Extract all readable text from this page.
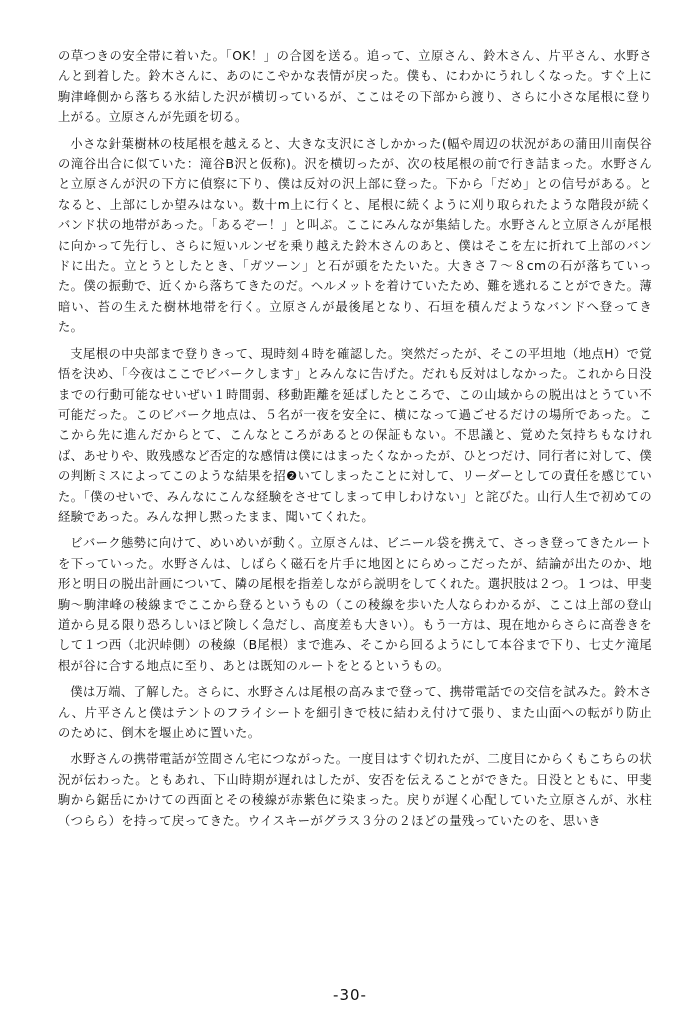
の草つきの安全帯に着いた。「OK！」の合図を送る。追って、立原さん、鈴木さん、片平さん、水野さんと到着した。鈴木さんに、あのにこやかな表情が戻った。僕も、にわかにうれしくなった。すぐ上に駒津峰側から落ちる氷結した沢が横切っているが、ここはその下部から渡り、さらに小さな尾根に登り上がる。立原さんが先頭を切る。

小さな針葉樹林の枝尾根を越えると、大きな支沢にさしかかった(幅や周辺の状況があの蒲田川南俣谷の滝谷出合に似ていた：滝谷B沢と仮称)。沢を横切ったが、次の枝尾根の前で行き詰まった。水野さんと立原さんが沢の下方に偵察に下り、僕は反対の沢上部に登った。下から「だめ」との信号がある。となると、上部にしか望みはない。数十m上に行くと、尾根に続くように刈り取られたような階段が続くバンド状の地帯があった。「あるぞー！」と叫ぶ。ここにみんなが集結した。水野さんと立原さんが尾根に向かって先行し、さらに短いルンゼを乗り越えた鈴木さんのあと、僕はそこを左に折れて上部のバンドに出た。立とうとしたとき、「ガツーン」と石が頭をたたいた。大きさ７～８cmの石が落ちていった。僕の振動で、近くから落ちてきたのだ。ヘルメットを着けていたため、難を逃れることができた。薄暗い、苔の生えた樹林地帯を行く。立原さんが最後尾となり、石垣を積んだようなバンドへ登ってきた。

支尾根の中央部まで登りきって、現時刻４時を確認した。突然だったが、そこの平坦地（地点H）で覚悟を決め、「今夜はここでビバークします」とみんなに告げた。だれも反対はしなかった。これから日没までの行動可能なせいぜい１時間弱、移動距離を延ばしたところで、この山域からの脱出はとうてい不可能だった。このビバーク地点は、５名が一夜を安全に、横になって過ごせるだけの場所であった。ここから先に進んだからとて、こんなところがあるとの保証もない。不思議と、覚めた気持ちもなければ、あせりや、敗残感など否定的な感情は僕にはまったくなかったが、ひとつだけ、同行者に対して、僕の判断ミスによってこのような結果を招❷いてしまったことに対して、リーダーとしての責任を感じていた。「僕のせいで、みんなにこんな経験をさせてしまって申しわけない」と詫びた。山行人生で初めての経験であった。みんな押し黙ったまま、聞いてくれた。

ビバーク態勢に向けて、めいめいが動く。立原さんは、ビニール袋を携えて、さっき登ってきたルートを下っていった。水野さんは、しばらく磁石を片手に地図とにらめっこだったが、結論が出たのか、地形と明日の脱出計画について、隣の尾根を指差しながら説明をしてくれた。選択肢は２つ。１つは、甲斐駒～駒津峰の稜線までここから登るというもの（この稜線を歩いた人ならわかるが、ここは上部の登山道から見る限り恐ろしいほど険しく急だし、高度差も大きい）。もう一方は、現在地からさらに高巻きをして１つ西（北沢峠側）の稜線（B尾根）まで進み、そこから回るようにして本谷まで下り、七丈ケ滝尾根が谷に合する地点に至り、あとは既知のルートをとるというもの。

僕は万端、了解した。さらに、水野さんは尾根の高みまで登って、携帯電話での交信を試みた。鈴木さん、片平さんと僕はテントのフライシートを細引きで枝に結わえ付けて張り、また山面への転がり防止のために、倒木を堰止めに置いた。

水野さんの携帯電話が笠間さん宅につながった。一度目はすぐ切れたが、二度目にからくもこちらの状況が伝わった。ともあれ、下山時期が遅れはしたが、安否を伝えることができた。日没とともに、甲斐駒から鋸岳にかけての西面とその稜線が赤紫色に染まった。戻りが遅く心配していた立原さんが、氷柱（つらら）を持って戻ってきた。ウイスキーがグラス３分の２ほどの量残っていたのを、思いき

-30-
